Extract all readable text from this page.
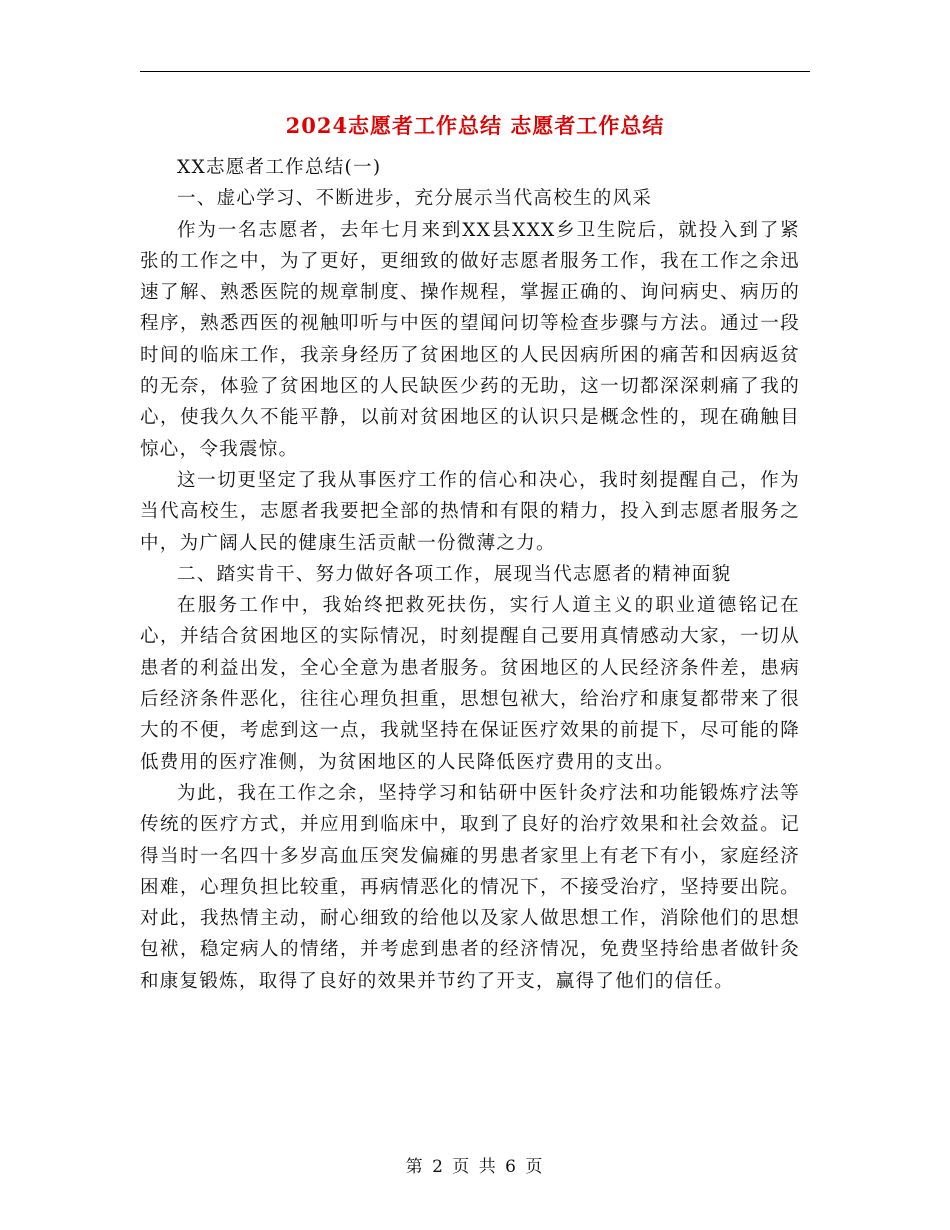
2024志愿者工作总结 志愿者工作总结

XX志愿者工作总结(一)

一、虚心学习、不断进步，充分展示当代高校生的风采

作为一名志愿者，去年七月来到XX县XXX乡卫生院后，就投入到了紧张的工作之中，为了更好，更细致的做好志愿者服务工作，我在工作之余迅速了解、熟悉医院的规章制度、操作规程，掌握正确的、询问病史、病历的程序，熟悉西医的视触叩听与中医的望闻问切等检查步骤与方法。通过一段时间的临床工作，我亲身经历了贫困地区的人民因病所困的痛苦和因病返贫的无奈，体验了贫困地区的人民缺医少药的无助，这一切都深深刺痛了我的心，使我久久不能平静，以前对贫困地区的认识只是概念性的，现在确触目惊心，令我震惊。

这一切更坚定了我从事医疗工作的信心和决心，我时刻提醒自己，作为当代高校生，志愿者我要把全部的热情和有限的精力，投入到志愿者服务之中，为广阔人民的健康生活贡献一份微薄之力。

二、踏实肯干、努力做好各项工作，展现当代志愿者的精神面貌

在服务工作中，我始终把救死扶伤，实行人道主义的职业道德铭记在心，并结合贫困地区的实际情况，时刻提醒自己要用真情感动大家，一切从患者的利益出发，全心全意为患者服务。贫困地区的人民经济条件差，患病后经济条件恶化，往往心理负担重，思想包袱大，给治疗和康复都带来了很大的不便，考虑到这一点，我就坚持在保证医疗效果的前提下，尽可能的降低费用的医疗准侧，为贫困地区的人民降低医疗费用的支出。

为此，我在工作之余，坚持学习和钻研中医针灸疗法和功能锻炼疗法等传统的医疗方式，并应用到临床中，取到了良好的治疗效果和社会效益。记得当时一名四十多岁高血压突发偏瘫的男患者家里上有老下有小，家庭经济困难，心理负担比较重，再病情恶化的情况下，不接受治疗，坚持要出院。对此，我热情主动，耐心细致的给他以及家人做思想工作，消除他们的思想包袱，稳定病人的情绪，并考虑到患者的经济情况，免费坚持给患者做针灸和康复锻炼，取得了良好的效果并节约了开支，赢得了他们的信任。

第 2 页 共 6 页
